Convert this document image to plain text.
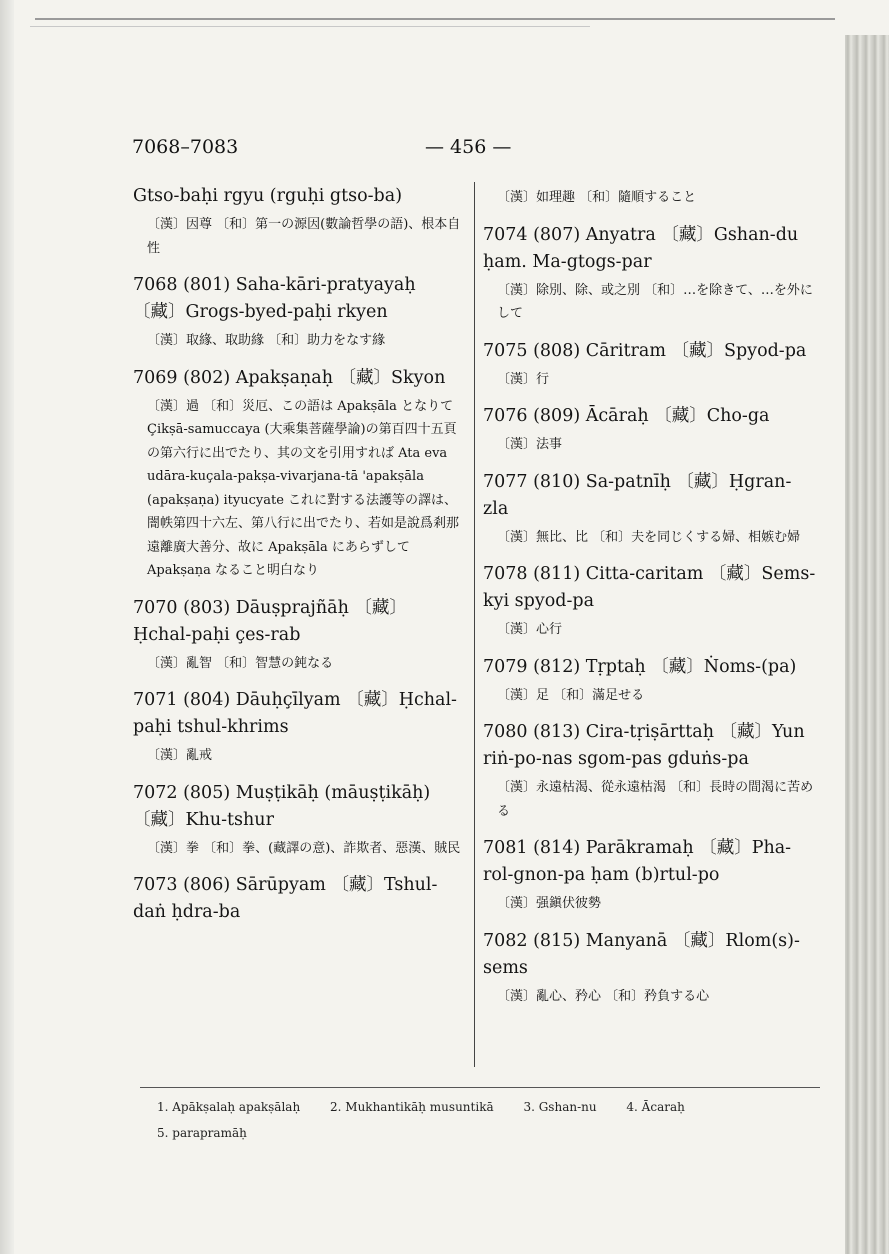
7068–7083	— 456 —
Gtso-baḥi rgyu (rguḥi gtso-ba)
〔漢〕因尊 〔和〕第一の源因(數論哲學の語)、根本自性
7068 (801) Saha-kāri-pratyayaḥ 〔藏〕Grogs-byed-paḥi rkyen
〔漢〕取緣、取助緣 〔和〕助力をなす緣
7069 (802) Apakṣaṇaḥ 〔藏〕Skyon
〔漢〕過 〔和〕災厄、この語は Apakṣāla となりて Çikṣā-samuccaya (大乘集菩薩學論)の第百四十五頁の第六行に出でたり、其の文を引用すれば Ata eva udāra-kuçala-pakṣa-vivarjana-tā 'apakṣāla (apakṣaṇa) ityucyate これに對する法護等の譯は、闇帙第四十六左、第八行に出でたり、若如是說爲剎那遠離廣大善分、故に Apakṣāla にあらずして Apakṣaṇa なること明白なり
7070 (803) Dāuṣprajñāḥ 〔藏〕Ḥchal-paḥi çes-rab
〔漢〕亂智 〔和〕智慧の鈍なる
7071 (804) Dāuḥçīlyam 〔藏〕Ḥchal-paḥi tshul-khrims
〔漢〕亂戒
7072 (805) Muṣṭikāḥ (māuṣṭikāḥ) 〔藏〕Khu-tshur
〔漢〕拳 〔和〕拳、(藏譯の意)、詐欺者、惡漢、賊民
7073 (806) Sārūpyam 〔藏〕Tshul-daṅ ḥdra-ba
〔漢〕如理趣 〔和〕隨順すること
7074 (807) Anyatra 〔藏〕Gshan-du ḥam. Ma-gtogs-par
〔漢〕除別、除、或之別 〔和〕…を除きて、…を外にして
7075 (808) Cāritram 〔藏〕Spyod-pa
〔漢〕行
7076 (809) Ācāraḥ 〔藏〕Cho-ga
〔漢〕法事
7077 (810) Sa-patnīḥ 〔藏〕Ḥgran-zla
〔漢〕無比、比 〔和〕夫を同じくする婦、相嫉む婦
7078 (811) Citta-caritam 〔藏〕Sems-kyi spyod-pa
〔漢〕心行
7079 (812) Tṛptaḥ 〔藏〕Ṅoms-(pa)
〔漢〕足 〔和〕滿足せる
7080 (813) Cira-tṛiṣārttaḥ 〔藏〕Yun riṅ-po-nas sgom-pas gduṅs-pa
〔漢〕永遠枯渴、從永遠枯渴 〔和〕長時の間渴に苦める
7081 (814) Parākramaḥ 〔藏〕Pha-rol-gnon-pa ḥam (b)rtul-po
〔漢〕强鎭伏彼勢
7082 (815) Manyanā 〔藏〕Rlom(s)-sems
〔漢〕亂心、矜心 〔和〕矜負する心
1. Apākṣalaḥ apakṣālaḥ 2. Mukhantikāḥ musuntikā 3. Gshan-nu 4. Ācaraḥ
5. parapramāḥ
